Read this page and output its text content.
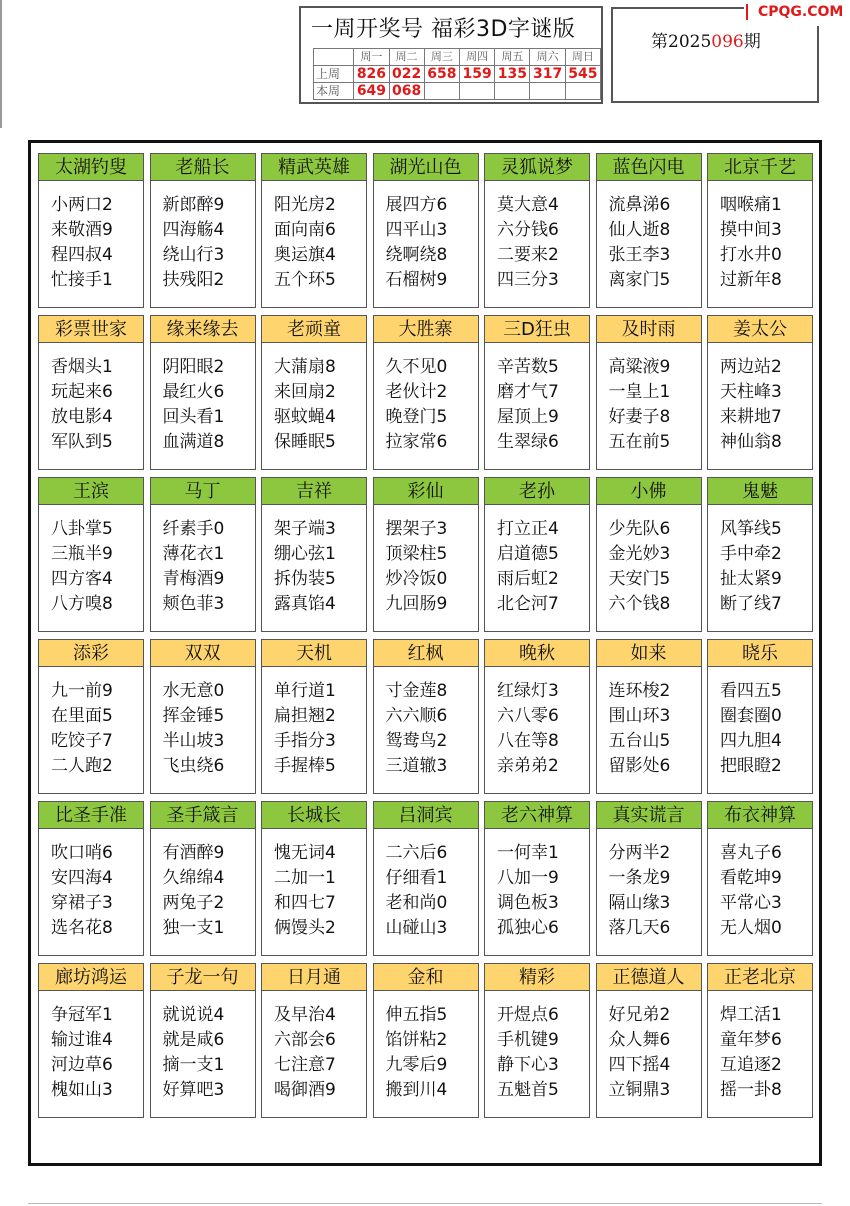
一周开奖号 福彩3D字谜版
	周一	周二	周三	周四	周五	周六	周日
上周	826	022	658	159	135	317	545
本周	649	068					
第2025096期
CPQG.COM
太湖钓叟
小两口2
来敬酒9
程四叔4
忙接手1
老船长
新郎醉9
四海觞4
绕山行3
扶残阳2
精武英雄
阳光房2
面向南6
奥运旗4
五个环5
湖光山色
展四方6
四平山3
绕啊绕8
石榴树9
灵狐说梦
莫大意4
六分钱6
二要来2
四三分3
蓝色闪电
流鼻涕6
仙人逝8
张王李3
离家门5
北京千艺
咽喉痛1
摸中间3
打水井0
过新年8
彩票世家
香烟头1
玩起来6
放电影4
军队到5
缘来缘去
阴阳眼2
最红火6
回头看1
血满道8
老顽童
大蒲扇8
来回扇2
驱蚊蝇4
保睡眠5
大胜寨
久不见0
老伙计2
晚登门5
拉家常6
三D狂虫
辛苦数5
磨才气7
屋顶上9
生翠绿6
及时雨
高粱液9
一皇上1
好妻子8
五在前5
姜太公
两边站2
天柱峰3
来耕地7
神仙翁8
王滨
八卦掌5
三瓶半9
四方客4
八方嗅8
马丁
纤素手0
薄花衣1
青梅酒9
颊色菲3
吉祥
架子端3
绷心弦1
拆伪装5
露真馅4
彩仙
摆架子3
顶梁柱5
炒冷饭0
九回肠9
老孙
打立正4
启道德5
雨后虹2
北仑河7
小佛
少先队6
金光妙3
天安门5
六个钱8
鬼魅
风筝线5
手中牵2
扯太紧9
断了线7
添彩
九一前9
在里面5
吃饺子7
二人跑2
双双
水无意0
挥金锤5
半山坡3
飞虫绕6
天机
单行道1
扁担翘2
手指分3
手握棒5
红枫
寸金莲8
六六顺6
鸳鸯鸟2
三道辙3
晚秋
红绿灯3
六八零6
八在等8
亲弟弟2
如来
连环梭2
围山环3
五台山5
留影处6
晓乐
看四五5
圈套圈0
四九胆4
把眼瞪2
比圣手准
吹口哨6
安四海4
穿裙子3
选名花8
圣手箴言
有酒醉9
久绵绵4
两兔子2
独一支1
长城长
愧无词4
二加一1
和四七7
俩馒头2
吕洞宾
二六后6
仔细看1
老和尚0
山碰山3
老六神算
一何幸1
八加一9
调色板3
孤独心6
真实谎言
分两半2
一条龙9
隔山缘3
落几天6
布衣神算
喜丸子6
看乾坤9
平常心3
无人烟0
廊坊鸿运
争冠军1
输过谁4
河边草6
槐如山3
子龙一句
就说说4
就是咸6
摘一支1
好算吧3
日月通
及早治4
六部会6
七注意7
喝御酒9
金和
伸五指5
馅饼粘2
九零后9
搬到川4
精彩
开煜点6
手机键9
静下心3
五魁首5
正德道人
好兄弟2
众人舞6
四下摇4
立铜鼎3
正老北京
焊工活1
童年梦6
互追逐2
摇一卦8
